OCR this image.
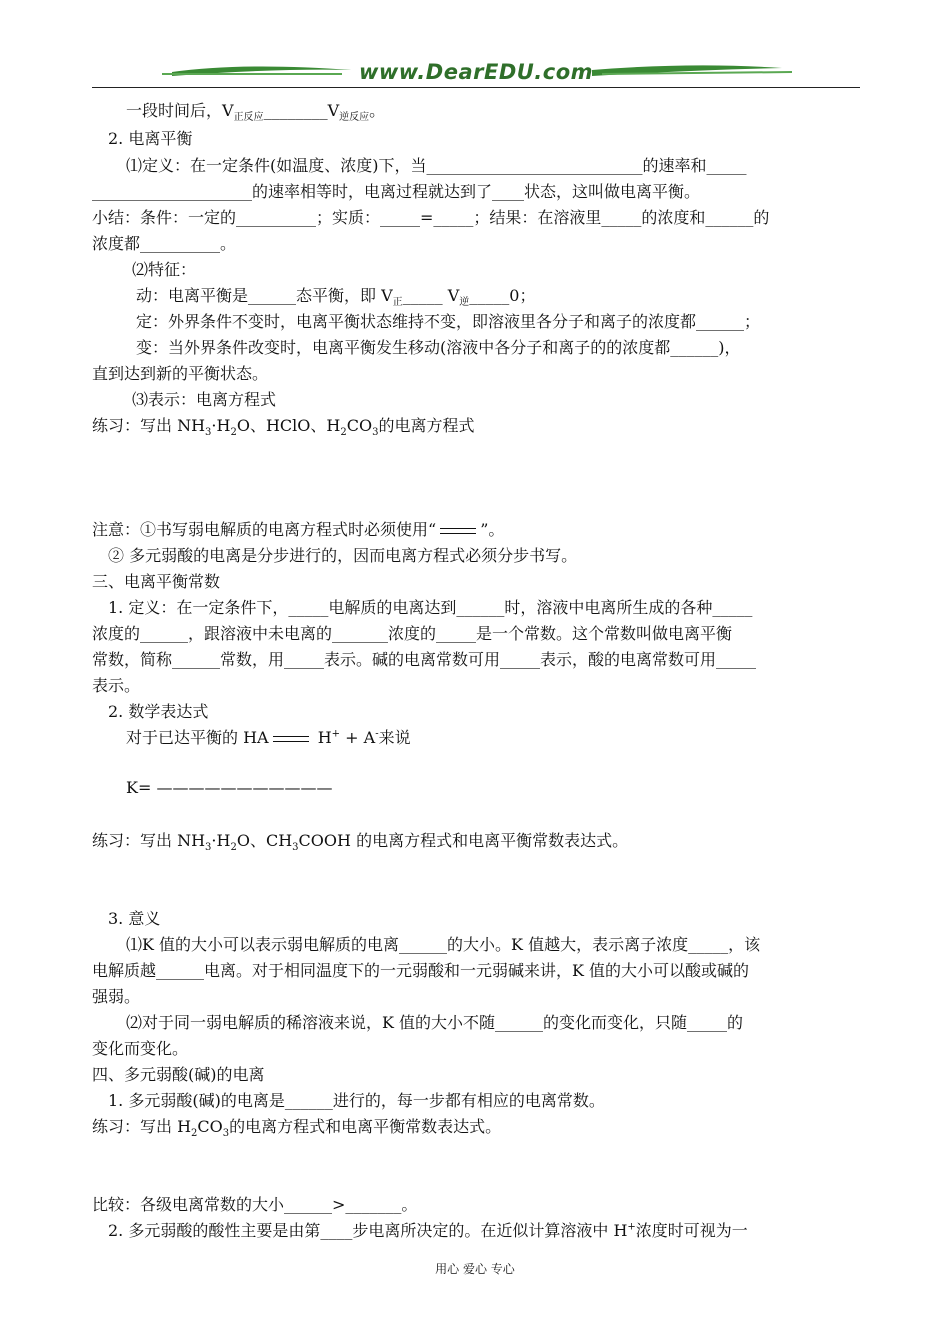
www.DearEDU.com
一段时间后，$V_{正反应}\_\_\_\_\_\_\_\_V_{逆反应}$。
2. 电离平衡
⑴定义：在一定条件(如温度、浓度)下，当___________________________的速率和_____
____________________的速率相等时，电离过程就达到了____状态，这叫做电离平衡。
小结：条件：一定的__________；实质：_____=_____；结果：在溶液里_____的浓度和______的
浓度都__________。
⑵特征：
动：电离平衡是______态平衡，即 $V_正\_\_\_\_\_$ $V_逆\_\_\_\_\_0$；
定：外界条件不变时，电离平衡状态维持不变，即溶液里各分子和离子的浓度都______；
变：当外界条件改变时，电离平衡发生移动(溶液中各分子和离子的的浓度都______)，
直到达到新的平衡状态。
⑶表示：电离方程式
练习：写出 $NH_3\cdot H_2O$、HClO、$H_2CO_3$的电离方程式
注意：①书写弱电解质的电离方程式时必须使用“	”。
② 多元弱酸的电离是分步进行的，因而电离方程式必须分步书写。
三、电离平衡常数
1. 定义：在一定条件下，_____电解质的电离达到______时，溶液中电离所生成的各种_____
浓度的______，跟溶液中未电离的_______浓度的_____是一个常数。这个常数叫做电离平衡
常数，简称______常数，用_____表示。碱的电离常数可用_____表示，酸的电离常数可用_____
表示。
2. 数学表达式
对于已达平衡的 HA	H+ + A-来说
K= ———————————
练习：写出 $NH_3\cdot H_2O$、$CH_3COOH$ 的电离方程式和电离平衡常数表达式。
3. 意义
⑴K 值的大小可以表示弱电解质的电离______的大小。K 值越大，表示离子浓度_____，该
电解质越______电离。对于相同温度下的一元弱酸和一元弱碱来讲，K 值的大小可以酸或碱的
强弱。
⑵对于同一弱电解质的稀溶液来说，K 值的大小不随______的变化而变化，只随_____的
变化而变化。
四、多元弱酸(碱)的电离
1. 多元弱酸(碱)的电离是______进行的，每一步都有相应的电离常数。
练习：写出 $H_2CO_3$的电离方程式和电离平衡常数表达式。
比较：各级电离常数的大小______>_______。
2. 多元弱酸的酸性主要是由第____步电离所决定的。在近似计算溶液中 H+浓度时可视为一
用心 爱心 专心
